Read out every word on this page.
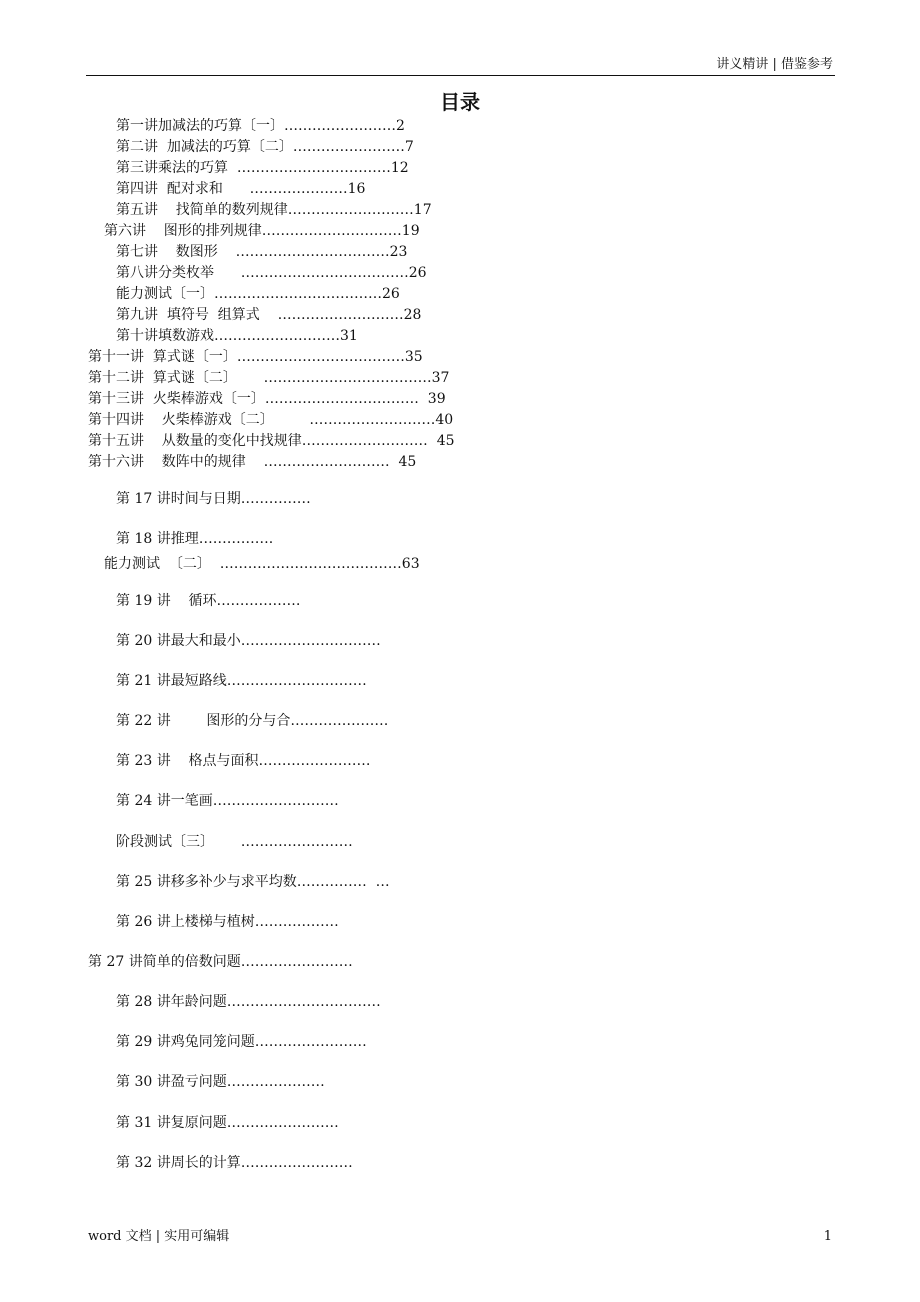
讲义精讲 | 借鉴参考
目录
第一讲加减法的巧算〔一〕……………………2
第二讲  加减法的巧算〔二〕……………………7
第三讲乘法的巧算  ……………………………12
第四讲  配对求和      …………………16
第五讲    找简单的数列规律………………………17
第六讲    图形的排列规律…………………………19
第七讲    数图形    ……………………………23
第八讲分类枚举      ………………………………26
能力测试〔一〕………………………………26
第九讲  填符号  组算式    ………………………28
第十讲填数游戏………………………31
第十一讲  算式谜〔一〕………………………………35
第十二讲  算式谜〔二〕      ………………………………37
第十三讲  火柴棒游戏〔一〕……………………………  39
第十四讲    火柴棒游戏〔二〕        ………………………40
第十五讲    从数量的变化中找规律………………………  45
第十六讲    数阵中的规律    ………………………  45
第 17 讲时间与日期……………
第 18 讲推理…………….
能力测试  〔二〕  …………………………………63
第 19 讲    循环………………
第 20 讲最大和最小…………………………
第 21 讲最短路线…………………………
第 22 讲        图形的分与合…………………
第 23 讲    格点与面积……………………
第 24 讲一笔画………………………
阶段测试〔三〕      ……………………
第 25 讲移多补少与求平均数……………  …
第 26 讲上楼梯与植树………………
第 27 讲简单的倍数问题……………………
第 28 讲年龄问题……………………………
第 29 讲鸡兔同笼问题……………………
第 30 讲盈亏问题…………………
第 31 讲复原问题……………………
第 32 讲周长的计算……………………
word 文档 | 实用可编辑	1
